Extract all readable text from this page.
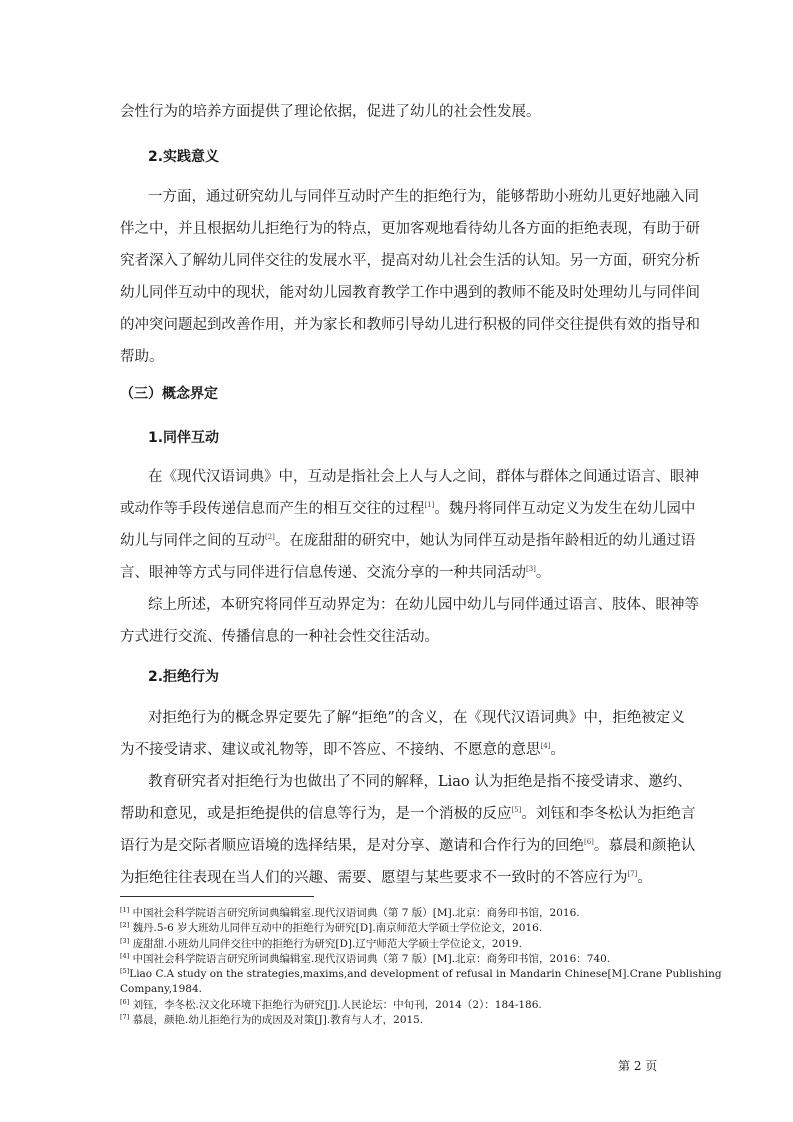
会性行为的培养方面提供了理论依据，促进了幼儿的社会性发展。
2.实践意义
一方面，通过研究幼儿与同伴互动时产生的拒绝行为，能够帮助小班幼儿更好地融入同
伴之中，并且根据幼儿拒绝行为的特点，更加客观地看待幼儿各方面的拒绝表现，有助于研
究者深入了解幼儿同伴交往的发展水平，提高对幼儿社会生活的认知。另一方面，研究分析
幼儿同伴互动中的现状，能对幼儿园教育教学工作中遇到的教师不能及时处理幼儿与同伴间
的冲突问题起到改善作用，并为家长和教师引导幼儿进行积极的同伴交往提供有效的指导和
帮助。
（三）概念界定
1.同伴互动
在《现代汉语词典》中，互动是指社会上人与人之间，群体与群体之间通过语言、眼神
或动作等手段传递信息而产生的相互交往的过程[1]。魏丹将同伴互动定义为发生在幼儿园中
幼儿与同伴之间的互动[2]。在庞甜甜的研究中，她认为同伴互动是指年龄相近的幼儿通过语
言、眼神等方式与同伴进行信息传递、交流分享的一种共同活动[3]。
综上所述，本研究将同伴互动界定为：在幼儿园中幼儿与同伴通过语言、肢体、眼神等
方式进行交流、传播信息的一种社会性交往活动。
2.拒绝行为
对拒绝行为的概念界定要先了解“拒绝”的含义，在《现代汉语词典》中，拒绝被定义
为不接受请求、建议或礼物等，即不答应、不接纳、不愿意的意思[4]。
教育研究者对拒绝行为也做出了不同的解释，Liao 认为拒绝是指不接受请求、邀约、
帮助和意见，或是拒绝提供的信息等行为，是一个消极的反应[5]。刘钰和李冬松认为拒绝言
语行为是交际者顺应语境的选择结果，是对分享、邀请和合作行为的回绝[6]。慕晨和颜艳认
为拒绝往往表现在当人们的兴趣、需要、愿望与某些要求不一致时的不答应行为[7]。
[1] 中国社会科学院语言研究所词典编辑室.现代汉语词典（第 7 版）[M].北京：商务印书馆，2016.
[2] 魏丹.5-6 岁大班幼儿同伴互动中的拒绝行为研究[D].南京师范大学硕士学位论文，2016.
[3] 庞甜甜.小班幼儿同伴交往中的拒绝行为研究[D].辽宁师范大学硕士学位论文，2019.
[4] 中国社会科学院语言研究所词典编辑室.现代汉语词典（第 7 版）[M].北京：商务印书馆，2016：740.
[5]Liao C.A study on the strategies,maxims,and development of refusal in Mandarin Chinese[M].Crane Publishing
Company,1984.
[6] 刘钰，李冬松.汉文化环境下拒绝行为研究[J].人民论坛：中旬刊，2014（2）：184-186.
[7] 慕晨，颜艳.幼儿拒绝行为的成因及对策[J].教育与人才，2015.
第 2 页
